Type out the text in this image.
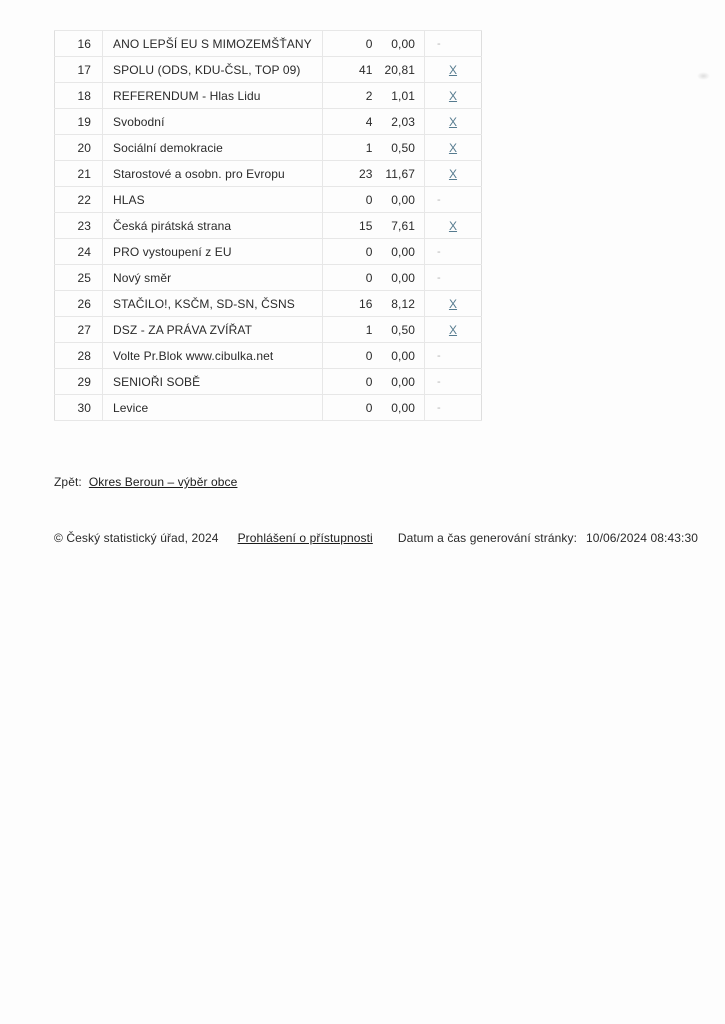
16	ANO LEPŠÍ EU S MIMOZEMŠŤANY	0	0,00	-

17	SPOLU (ODS, KDU-ČSL, TOP 09)	41	20,81	X
18	REFERENDUM - Hlas Lidu	2	1,01	X
19	Svobodní	4	2,03	X
20	Sociální demokracie	1	0,50	X
21	Starostové a osobn. pro Evropu	23	11,67	X
22	HLAS	0	0,00	-

23	Česká pirátská strana	15	7,61	X
24	PRO vystoupení z EU	0	0,00	-

25	Nový směr	0	0,00	-

26	STAČILO!, KSČM, SD-SN, ČSNS	16	8,12	X
27	DSZ - ZA PRÁVA ZVÍŘAT	1	0,50	X
28	Volte Pr.Blok www.cibulka.net	0	0,00	-

29	SENIOŘI SOBĚ	0	0,00	-

30	Levice	0	0,00	-
Zpět: Okres Beroun – výběr obce
© Český statistický úřad, 2024 Prohlášení o přístupnosti Datum a čas generování stránky: 10/06/2024 08:43:30
